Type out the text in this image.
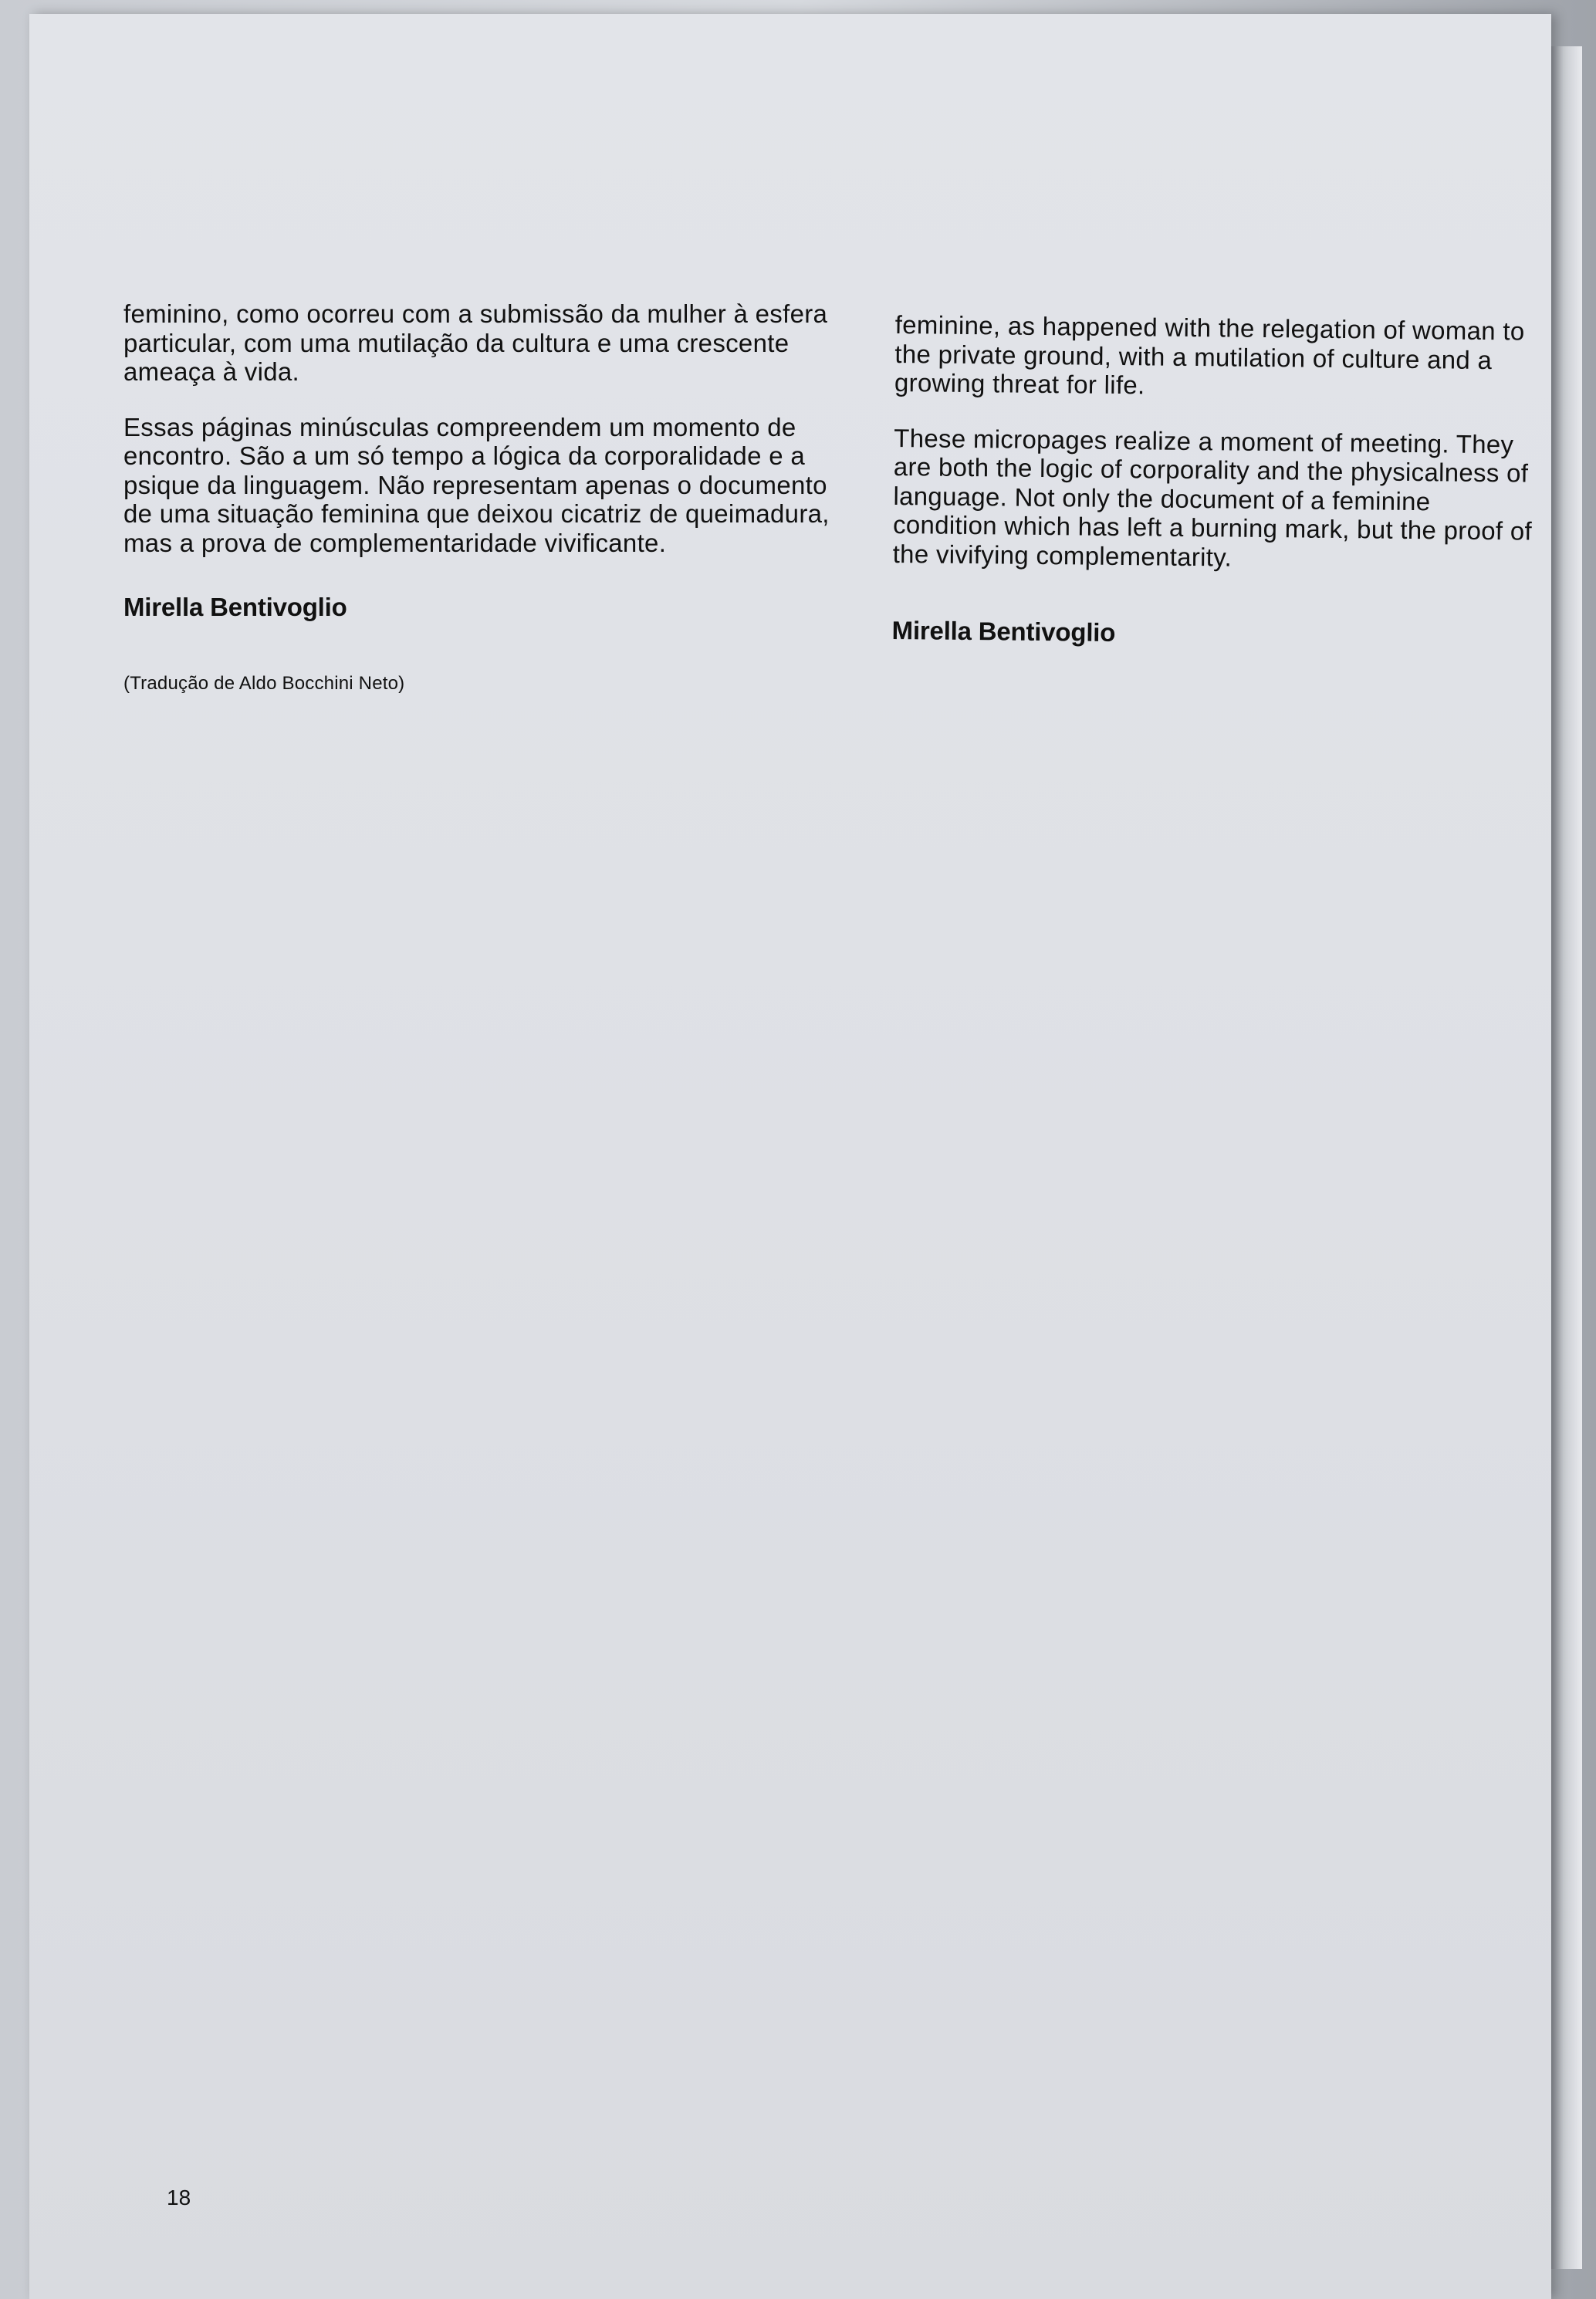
feminino, como ocorreu com a submissão da mulher à esfera particular, com uma mutilação da cultura e uma crescente ameaça à vida.

Essas páginas minúsculas compreendem um momento de encontro. São a um só tempo a lógica da corporalidade e a psique da linguagem. Não representam apenas o documento de uma situação feminina que deixou cicatriz de queimadura, mas a prova de complementaridade vivificante.

Mirella Bentivoglio
(Tradução de Aldo Bocchini Neto)

feminine, as happened with the relegation of woman to the private ground, with a mutilation of culture and a growing threat for life.

These micropages realize a moment of meeting. They are both the logic of corporality and the physicalness of language. Not only the document of a feminine condition which has left a burning mark, but the proof of the vivifying complementarity.

Mirella Bentivoglio
18
